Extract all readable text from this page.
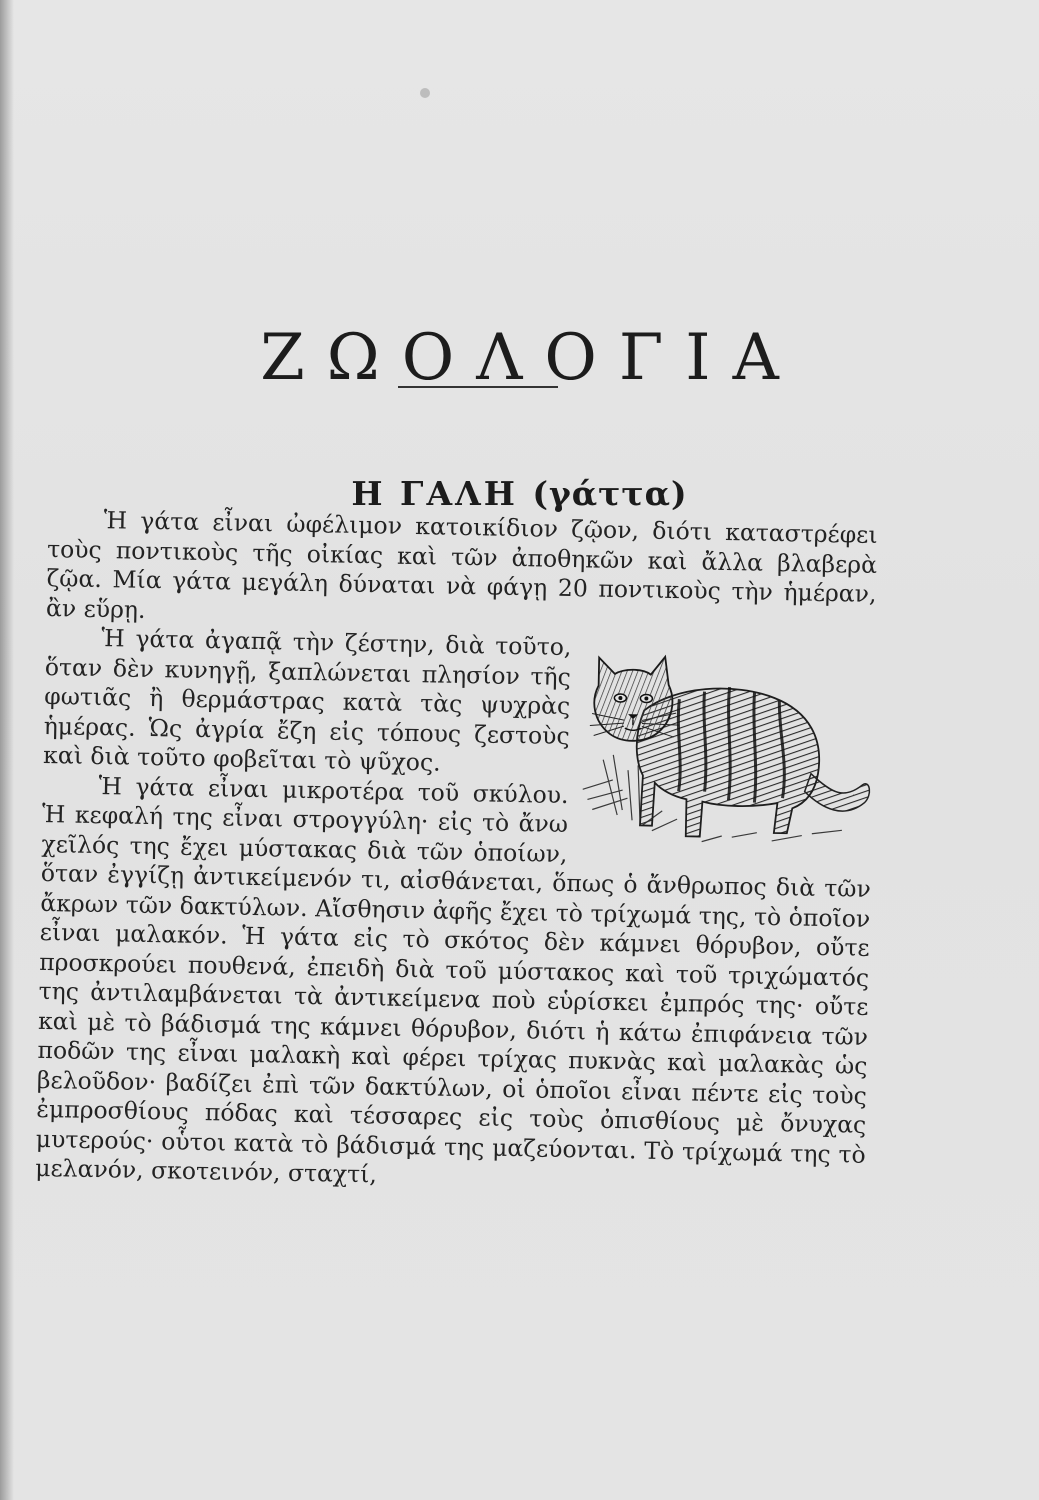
ΖΩΟΛΟΓΙΑ
Η ΓΑΛΗ (γάττα)

Ἡ γάτα εἶναι ὠφέλιμον κατοικίδιον ζῷον, διότι καταστρέφει τοὺς ποντικοὺς τῆς οἰκίας καὶ τῶν ἀποθηκῶν καὶ ἄλλα βλαβερὰ ζῷα. Μία γάτα μεγάλη δύναται νὰ φάγῃ 20 ποντικοὺς τὴν ἡμέραν, ἂν εὕρῃ.

Ἡ γάτα ἀγαπᾷ τὴν ζέστην, διὰ τοῦτο, ὅταν δὲν κυνηγῇ, ξαπλώνεται πλησίον τῆς φωτιᾶς ἢ θερμάστρας κατὰ τὰς ψυχρὰς ἡμέρας. Ὡς ἀγρία ἔζη εἰς τόπους ζεστοὺς καὶ διὰ τοῦτο φοβεῖται τὸ ψῦχος.

Ἡ γάτα εἶναι μικροτέρα τοῦ σκύλου. Ἡ κεφαλή της εἶναι στρογγύλη· εἰς τὸ ἄνω χεῖλός της ἔχει μύστακας διὰ τῶν ὁποίων, ὅταν ἐγγίζῃ ἀντικείμενόν τι, αἰσθάνεται, ὅπως ὁ ἄνθρωπος διὰ τῶν ἄκρων τῶν δακτύλων. Αἴσθησιν ἀφῆς ἔχει τὸ τρίχωμά της, τὸ ὁποῖον εἶναι μαλακόν. Ἡ γάτα εἰς τὸ σκότος δὲν κάμνει θόρυβον, οὔτε προσκρούει πουθενά, ἐπειδὴ διὰ τοῦ μύστακος καὶ τοῦ τριχώματός της ἀντιλαμβάνεται τὰ ἀντικείμενα ποὺ εὑρίσκει ἐμπρός της· οὔτε καὶ μὲ τὸ βάδισμά της κάμνει θόρυβον, διότι ἡ κάτω ἐπιφάνεια τῶν ποδῶν της εἶναι μαλακὴ καὶ φέρει τρίχας πυκνὰς καὶ μαλακὰς ὡς βελοῦδον· βαδίζει ἐπὶ τῶν δακτύλων, οἱ ὁποῖοι εἶναι πέντε εἰς τοὺς ἐμπροσθίους πόδας καὶ τέσσαρες εἰς τοὺς ὀπισθίους μὲ ὄνυχας μυτερούς· οὗτοι κατὰ τὸ βάδισμά της μαζεύονται. Τὸ τρίχωμά της τὸ μελανόν, σκοτεινόν, σταχτί,
